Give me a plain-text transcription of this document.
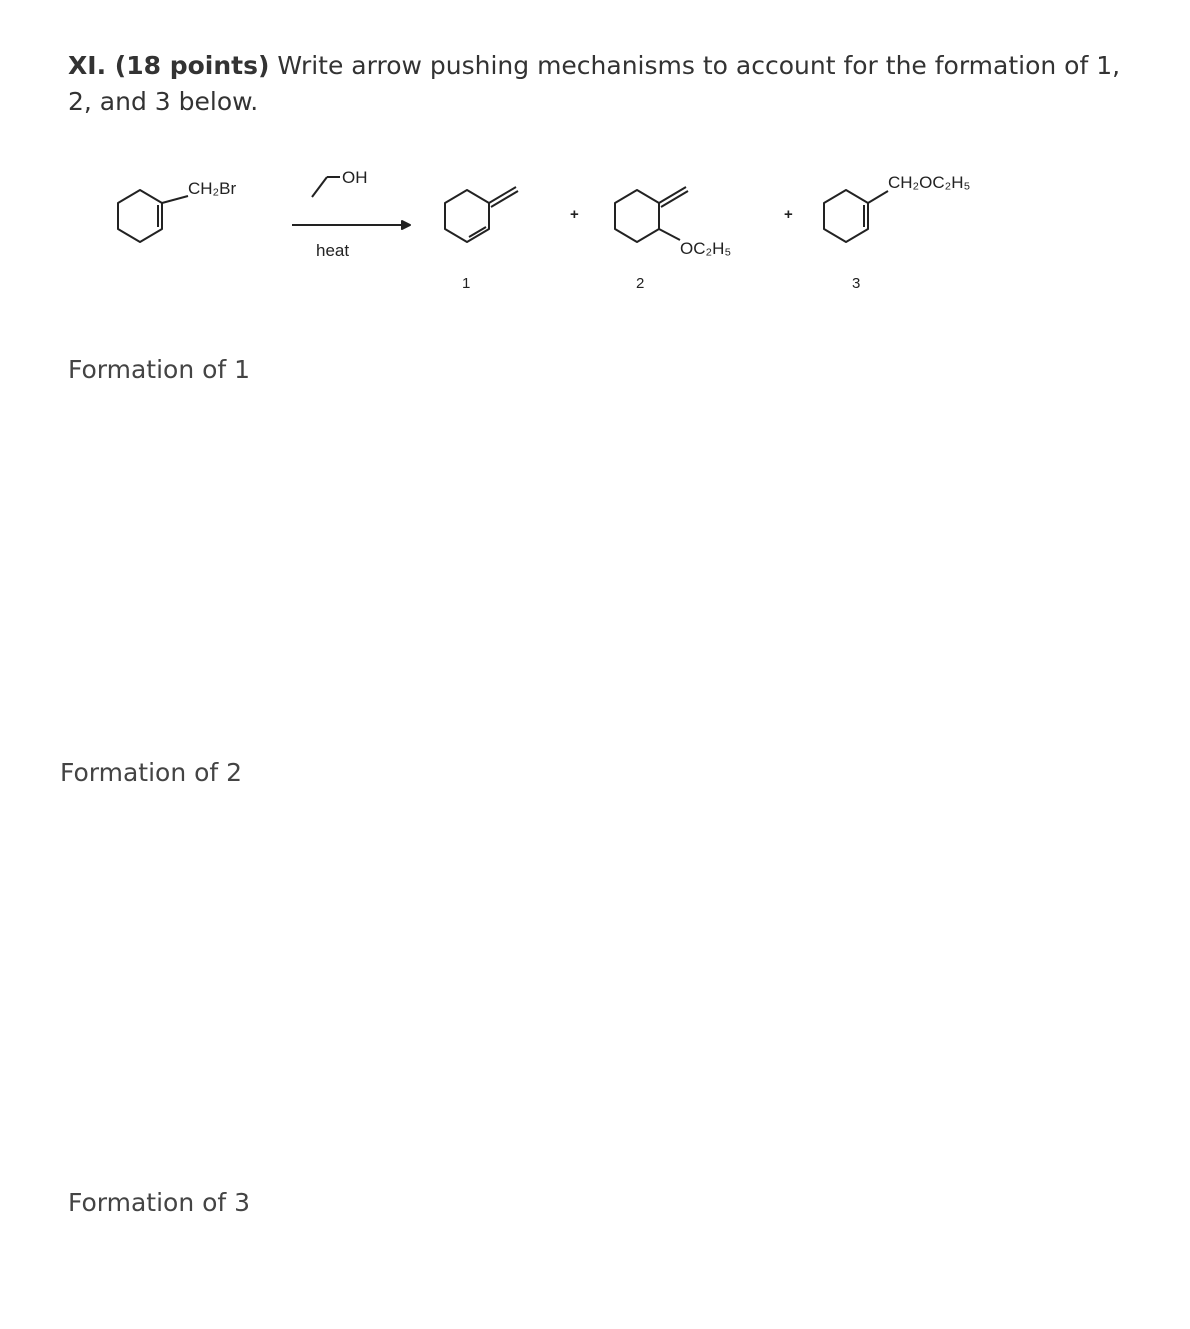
XI. (18 points) Write arrow pushing mechanisms to account for the formation of 1, 2, and 3 below.

CH₂Br
OH
heat
+	+
OC₂H₅
CH₂OC₂H₅
1	2	3

Formation of 1

Formation of 2

Formation of 3
